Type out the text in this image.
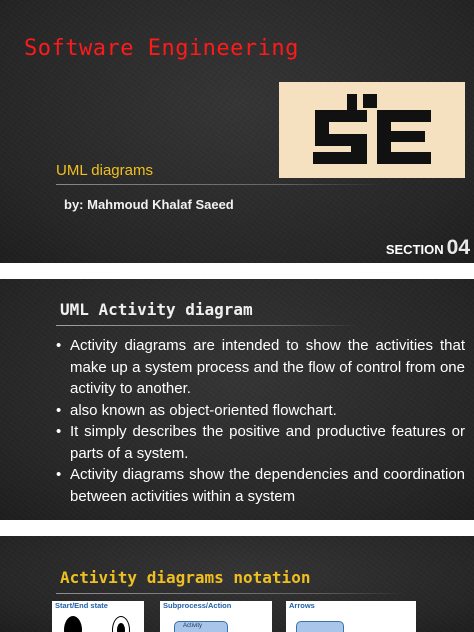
Software Engineering
UML diagrams
by: Mahmoud Khalaf Saeed
SECTION 04
UML Activity diagram
• Activity diagrams are intended to show the activities that make up a system process and the flow of control from one activity to another.
• also known as object-oriented flowchart.
• It simply describes the positive and productive features or parts of a system.
• Activity diagrams show the dependencies and coordination between activities within a system
Activity diagrams notation
Start/End state	Subprocess/Action
Activity
Arrows
